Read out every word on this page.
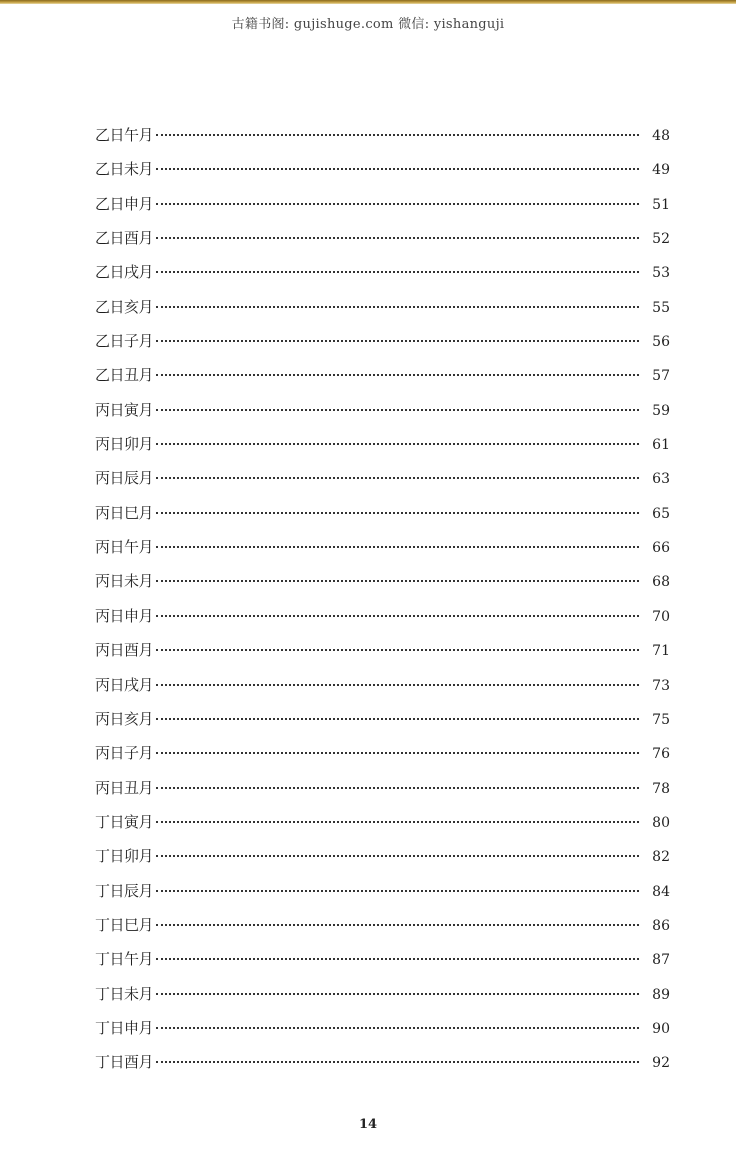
古籍书阁: gujishuge.com 微信: yishanguji
乙日午月	48
乙日未月	49
乙日申月	51
乙日酉月	52
乙日戌月	53
乙日亥月	55
乙日子月	56
乙日丑月	57
丙日寅月	59
丙日卯月	61
丙日辰月	63
丙日巳月	65
丙日午月	66
丙日未月	68
丙日申月	70
丙日酉月	71
丙日戌月	73
丙日亥月	75
丙日子月	76
丙日丑月	78
丁日寅月	80
丁日卯月	82
丁日辰月	84
丁日巳月	86
丁日午月	87
丁日未月	89
丁日申月	90
丁日酉月	92
14
